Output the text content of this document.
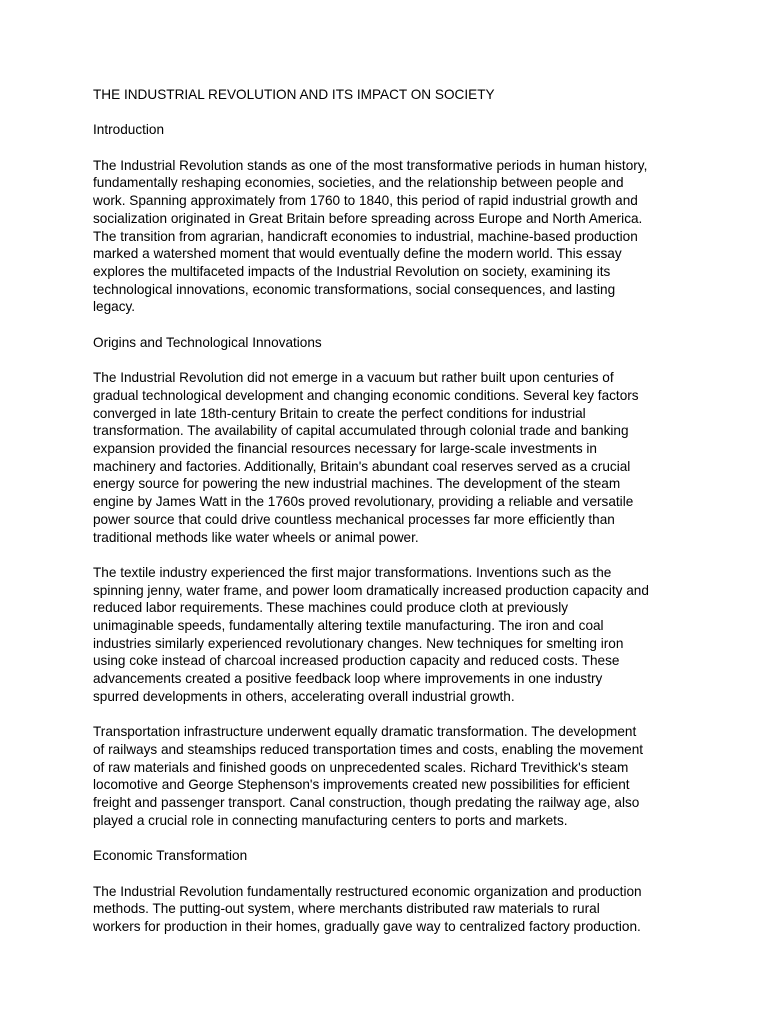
THE INDUSTRIAL REVOLUTION AND ITS IMPACT ON SOCIETY
Introduction
The Industrial Revolution stands as one of the most transformative periods in human history,
fundamentally reshaping economies, societies, and the relationship between people and
work. Spanning approximately from 1760 to 1840, this period of rapid industrial growth and
socialization originated in Great Britain before spreading across Europe and North America.
The transition from agrarian, handicraft economies to industrial, machine-based production
marked a watershed moment that would eventually define the modern world. This essay
explores the multifaceted impacts of the Industrial Revolution on society, examining its
technological innovations, economic transformations, social consequences, and lasting
legacy.
Origins and Technological Innovations
The Industrial Revolution did not emerge in a vacuum but rather built upon centuries of
gradual technological development and changing economic conditions. Several key factors
converged in late 18th-century Britain to create the perfect conditions for industrial
transformation. The availability of capital accumulated through colonial trade and banking
expansion provided the financial resources necessary for large-scale investments in
machinery and factories. Additionally, Britain's abundant coal reserves served as a crucial
energy source for powering the new industrial machines. The development of the steam
engine by James Watt in the 1760s proved revolutionary, providing a reliable and versatile
power source that could drive countless mechanical processes far more efficiently than
traditional methods like water wheels or animal power.
The textile industry experienced the first major transformations. Inventions such as the
spinning jenny, water frame, and power loom dramatically increased production capacity and
reduced labor requirements. These machines could produce cloth at previously
unimaginable speeds, fundamentally altering textile manufacturing. The iron and coal
industries similarly experienced revolutionary changes. New techniques for smelting iron
using coke instead of charcoal increased production capacity and reduced costs. These
advancements created a positive feedback loop where improvements in one industry
spurred developments in others, accelerating overall industrial growth.
Transportation infrastructure underwent equally dramatic transformation. The development
of railways and steamships reduced transportation times and costs, enabling the movement
of raw materials and finished goods on unprecedented scales. Richard Trevithick's steam
locomotive and George Stephenson's improvements created new possibilities for efficient
freight and passenger transport. Canal construction, though predating the railway age, also
played a crucial role in connecting manufacturing centers to ports and markets.
Economic Transformation
The Industrial Revolution fundamentally restructured economic organization and production
methods. The putting-out system, where merchants distributed raw materials to rural
workers for production in their homes, gradually gave way to centralized factory production.
